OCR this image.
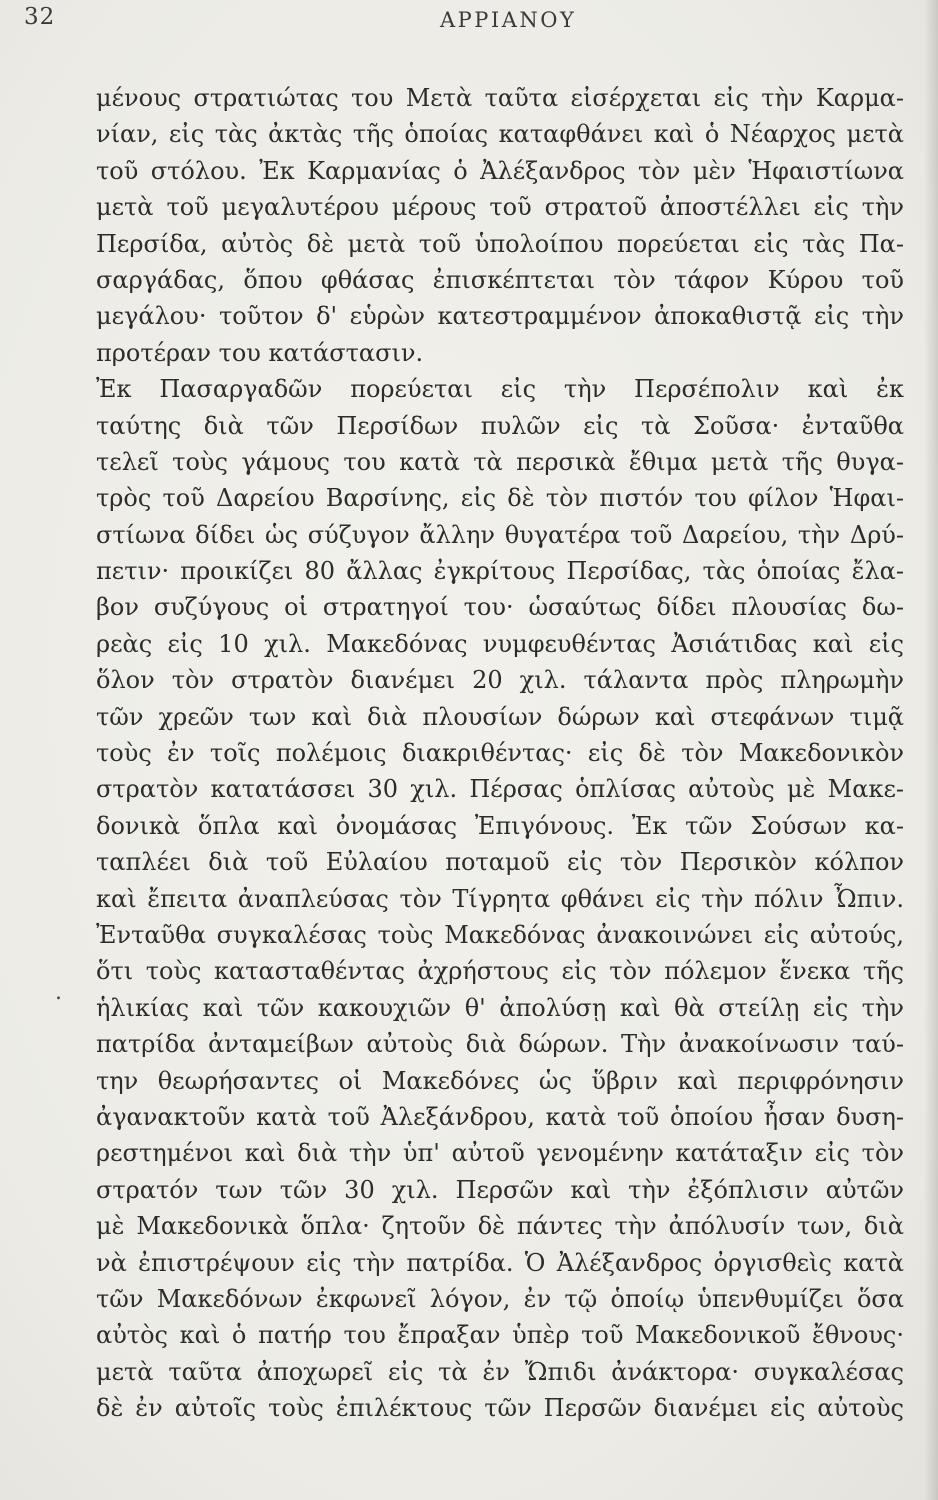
32	ΑΡΡΙΑΝΟΥ
.
μένους στρατιώτας του Μετὰ ταῦτα εἰσέρχεται εἰς τὴν Καρμα-
νίαν, εἰς τὰς ἀκτὰς τῆς ὁποίας καταφθάνει καὶ ὁ Νέαρχος μετὰ
τοῦ στόλου. Ἐκ Καρμανίας ὁ Ἀλέξανδρος τὸν μὲν Ἡφαιστίωνα
μετὰ τοῦ μεγαλυτέρου μέρους τοῦ στρατοῦ ἀποστέλλει εἰς τὴν
Περσίδα, αὐτὸς δὲ μετὰ τοῦ ὑπολοίπου πορεύεται εἰς τὰς Πα-
σαργάδας, ὅπου φθάσας ἐπισκέπτεται τὸν τάφον Κύρου τοῦ
μεγάλου· τοῦτον δ' εὑρὼν κατεστραμμένον ἀποκαθιστᾷ εἰς τὴν
προτέραν του κατάστασιν.
Ἐκ Πασαργαδῶν πορεύεται εἰς τὴν Περσέπολιν καὶ ἐκ
ταύτης διὰ τῶν Περσίδων πυλῶν εἰς τὰ Σοῦσα· ἐνταῦθα
τελεῖ τοὺς γάμους του κατὰ τὰ περσικὰ ἔθιμα μετὰ τῆς θυγα-
τρὸς τοῦ Δαρείου Βαρσίνης, εἰς δὲ τὸν πιστόν του φίλον Ἡφαι-
στίωνα δίδει ὡς σύζυγον ἄλλην θυγατέρα τοῦ Δαρείου, τὴν Δρύ-
πετιν· προικίζει 80 ἄλλας ἐγκρίτους Περσίδας, τὰς ὁποίας ἔλα-
βον συζύγους οἱ στρατηγοί του· ὡσαύτως δίδει πλουσίας δω-
ρεὰς εἰς 10 χιλ. Μακεδόνας νυμφευθέντας Ἀσιάτιδας καὶ εἰς
ὅλον τὸν στρατὸν διανέμει 20 χιλ. τάλαντα πρὸς πληρωμὴν
τῶν χρεῶν των καὶ διὰ πλουσίων δώρων καὶ στεφάνων τιμᾷ
τοὺς ἐν τοῖς πολέμοις διακριθέντας· εἰς δὲ τὸν Μακεδονικὸν
στρατὸν κατατάσσει 30 χιλ. Πέρσας ὁπλίσας αὐτοὺς μὲ Μακε-
δονικὰ ὅπλα καὶ ὀνομάσας Ἐπιγόνους. Ἐκ τῶν Σούσων κα-
ταπλέει διὰ τοῦ Εὐλαίου ποταμοῦ εἰς τὸν Περσικὸν κόλπον
καὶ ἔπειτα ἀναπλεύσας τὸν Τίγρητα φθάνει εἰς τὴν πόλιν Ὦπιν.
Ἐνταῦθα συγκαλέσας τοὺς Μακεδόνας ἀνακοινώνει εἰς αὐτούς,
ὅτι τοὺς κατασταθέντας ἀχρήστους εἰς τὸν πόλεμον ἕνεκα τῆς
ἡλικίας καὶ τῶν κακουχιῶν θ' ἀπολύσῃ καὶ θὰ στείλῃ εἰς τὴν
πατρίδα ἀνταμείβων αὐτοὺς διὰ δώρων. Τὴν ἀνακοίνωσιν ταύ-
την θεωρήσαντες οἱ Μακεδόνες ὡς ὕβριν καὶ περιφρόνησιν
ἀγανακτοῦν κατὰ τοῦ Ἀλεξάνδρου, κατὰ τοῦ ὁποίου ἦσαν δυση-
ρεστημένοι καὶ διὰ τὴν ὑπ' αὐτοῦ γενομένην κατάταξιν εἰς τὸν
στρατόν των τῶν 30 χιλ. Περσῶν καὶ τὴν ἐξόπλισιν αὐτῶν
μὲ Μακεδονικὰ ὅπλα· ζητοῦν δὲ πάντες τὴν ἀπόλυσίν των, διὰ
νὰ ἐπιστρέψουν εἰς τὴν πατρίδα. Ὁ Ἀλέξανδρος ὀργισθεὶς κατὰ
τῶν Μακεδόνων ἐκφωνεῖ λόγον, ἐν τῷ ὁποίῳ ὑπενθυμίζει ὅσα
αὐτὸς καὶ ὁ πατήρ του ἔπραξαν ὑπὲρ τοῦ Μακεδονικοῦ ἔθνους·
μετὰ ταῦτα ἀποχωρεῖ εἰς τὰ ἐν Ὤπιδι ἀνάκτορα· συγκαλέσας
δὲ ἐν αὐτοῖς τοὺς ἐπιλέκτους τῶν Περσῶν διανέμει εἰς αὐτοὺς
